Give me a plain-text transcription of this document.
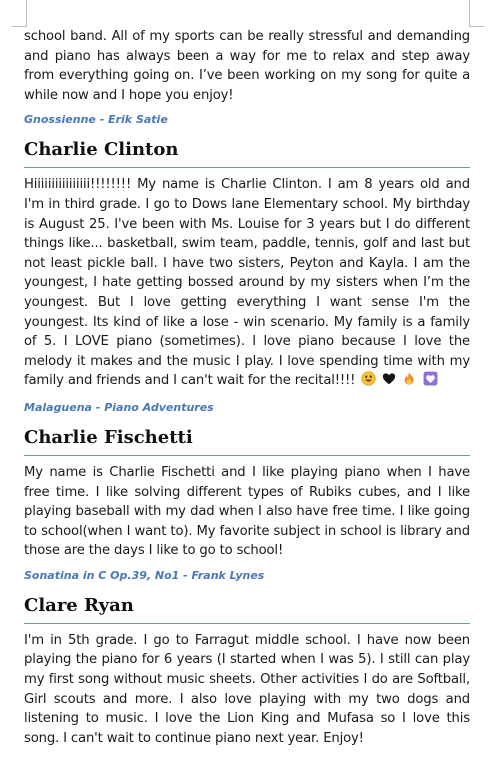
school band. All of my sports can be really stressful and demanding and piano has always been a way for me to relax and step away from everything going on. I’ve been working on my song for quite a while now and I hope you enjoy!

Gnossienne - Erik Satie
Charlie Clinton

Hiiiiiiiiiiiiiiii!!!!!!!! My name is Charlie Clinton. I am 8 years old and I'm in third grade. I go to Dows lane Elementary school. My birthday is August 25. I've been with Ms. Louise for 3 years but I do different things like... basketball, swim team, paddle, tennis, golf and last but not least pickle ball. I have two sisters, Peyton and Kayla. I am the youngest, I hate getting bossed around by my sisters when I’m the youngest. But I love getting everything I want sense I'm the youngest. Its kind of like a lose - win scenario. My family is a family of 5. I LOVE piano (sometimes). I love piano because I love the melody it makes and the music I play. I love spending time with my family and friends and I can't wait for the recital!!!!

Malaguena - Piano Adventures
Charlie Fischetti

My name is Charlie Fischetti and I like playing piano when I have free time. I like solving different types of Rubiks cubes, and I like playing baseball with my dad when I also have free time. I like going to school(when I want to). My favorite subject in school is library and those are the days I like to go to school!

Sonatina in C Op.39, No1 - Frank Lynes
Clare Ryan

I'm in 5th grade. I go to Farragut middle school. I have now been playing the piano for 6 years (I started when I was 5). I still can play my first song without music sheets. Other activities I do are Softball, Girl scouts and more. I also love playing with my two dogs and listening to music. I love the Lion King and Mufasa so I love this song. I can't wait to continue piano next year. Enjoy!
